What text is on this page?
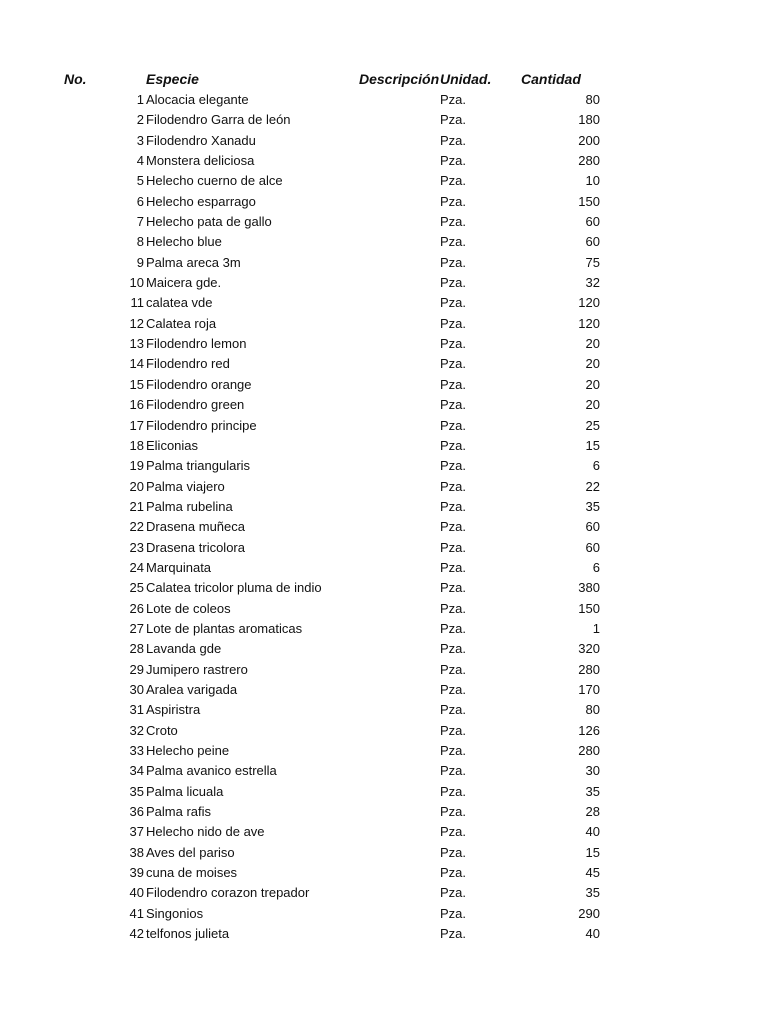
No.	Especie	Descripción Unidad. Cantidad
1 Alocacia elegante	Pza.	80
2 Filodendro Garra de león	Pza.	180
3 Filodendro Xanadu	Pza.	200
4 Monstera deliciosa	Pza.	280
5 Helecho cuerno de alce	Pza.	10
6 Helecho esparrago	Pza.	150
7 Helecho pata de gallo	Pza.	60
8 Helecho blue	Pza.	60
9 Palma areca 3m	Pza.	75
10 Maicera gde.	Pza.	32
11 calatea vde	Pza.	120
12 Calatea roja	Pza.	120
13 Filodendro lemon	Pza.	20
14 Filodendro red	Pza.	20
15 Filodendro orange	Pza.	20
16 Filodendro green	Pza.	20
17 Filodendro principe	Pza.	25
18 Eliconias	Pza.	15
19 Palma triangularis	Pza.	6
20 Palma viajero	Pza.	22
21 Palma rubelina	Pza.	35
22 Drasena muñeca	Pza.	60
23 Drasena tricolora	Pza.	60
24 Marquinata	Pza.	6
25 Calatea tricolor pluma de indio	Pza.	380
26 Lote de coleos	Pza.	150
27 Lote de plantas aromaticas	Pza.	1
28 Lavanda gde	Pza.	320
29 Jumipero rastrero	Pza.	280
30 Aralea varigada	Pza.	170
31 Aspiristra	Pza.	80
32 Croto	Pza.	126
33 Helecho peine	Pza.	280
34 Palma avanico estrella	Pza.	30
35 Palma licuala	Pza.	35
36 Palma rafis	Pza.	28
37 Helecho nido de ave	Pza.	40
38 Aves del pariso	Pza.	15
39 cuna de moises	Pza.	45
40 Filodendro corazon trepador	Pza.	35
41 Singonios	Pza.	290
42 telfonos julieta	Pza.	40
